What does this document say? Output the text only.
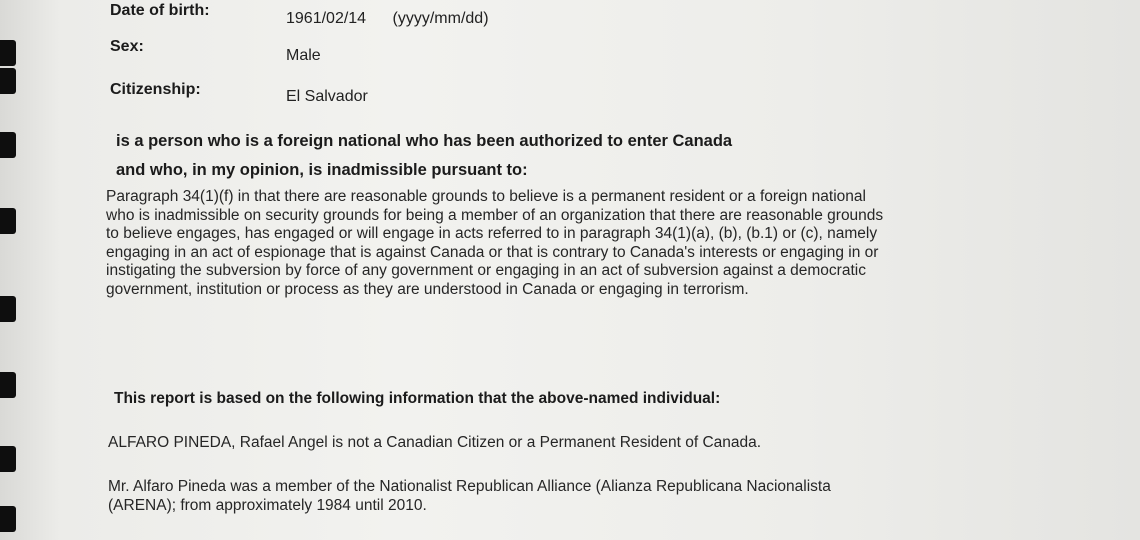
Date of birth:	1961/02/14 (yyyy/mm/dd)
Sex:
Male
Citizenship:	El Salvador
is a person who is a foreign national who has been authorized to enter Canada
and who, in my opinion, is inadmissible pursuant to:
Paragraph 34(1)(f) in that there are reasonable grounds to believe is a permanent resident or a foreign national
who is inadmissible on security grounds for being a member of an organization that there are reasonable grounds
to believe engages, has engaged or will engage in acts referred to in paragraph 34(1)(a), (b), (b.1) or (c), namely
engaging in an act of espionage that is against Canada or that is contrary to Canada's interests or engaging in or
instigating the subversion by force of any government or engaging in an act of subversion against a democratic
government, institution or process as they are understood in Canada or engaging in terrorism.
This report is based on the following information that the above-named individual:
ALFARO PINEDA, Rafael Angel is not a Canadian Citizen or a Permanent Resident of Canada.
Mr. Alfaro Pineda was a member of the Nationalist Republican Alliance (Alianza Republicana Nacionalista
(ARENA); from approximately 1984 until 2010.
